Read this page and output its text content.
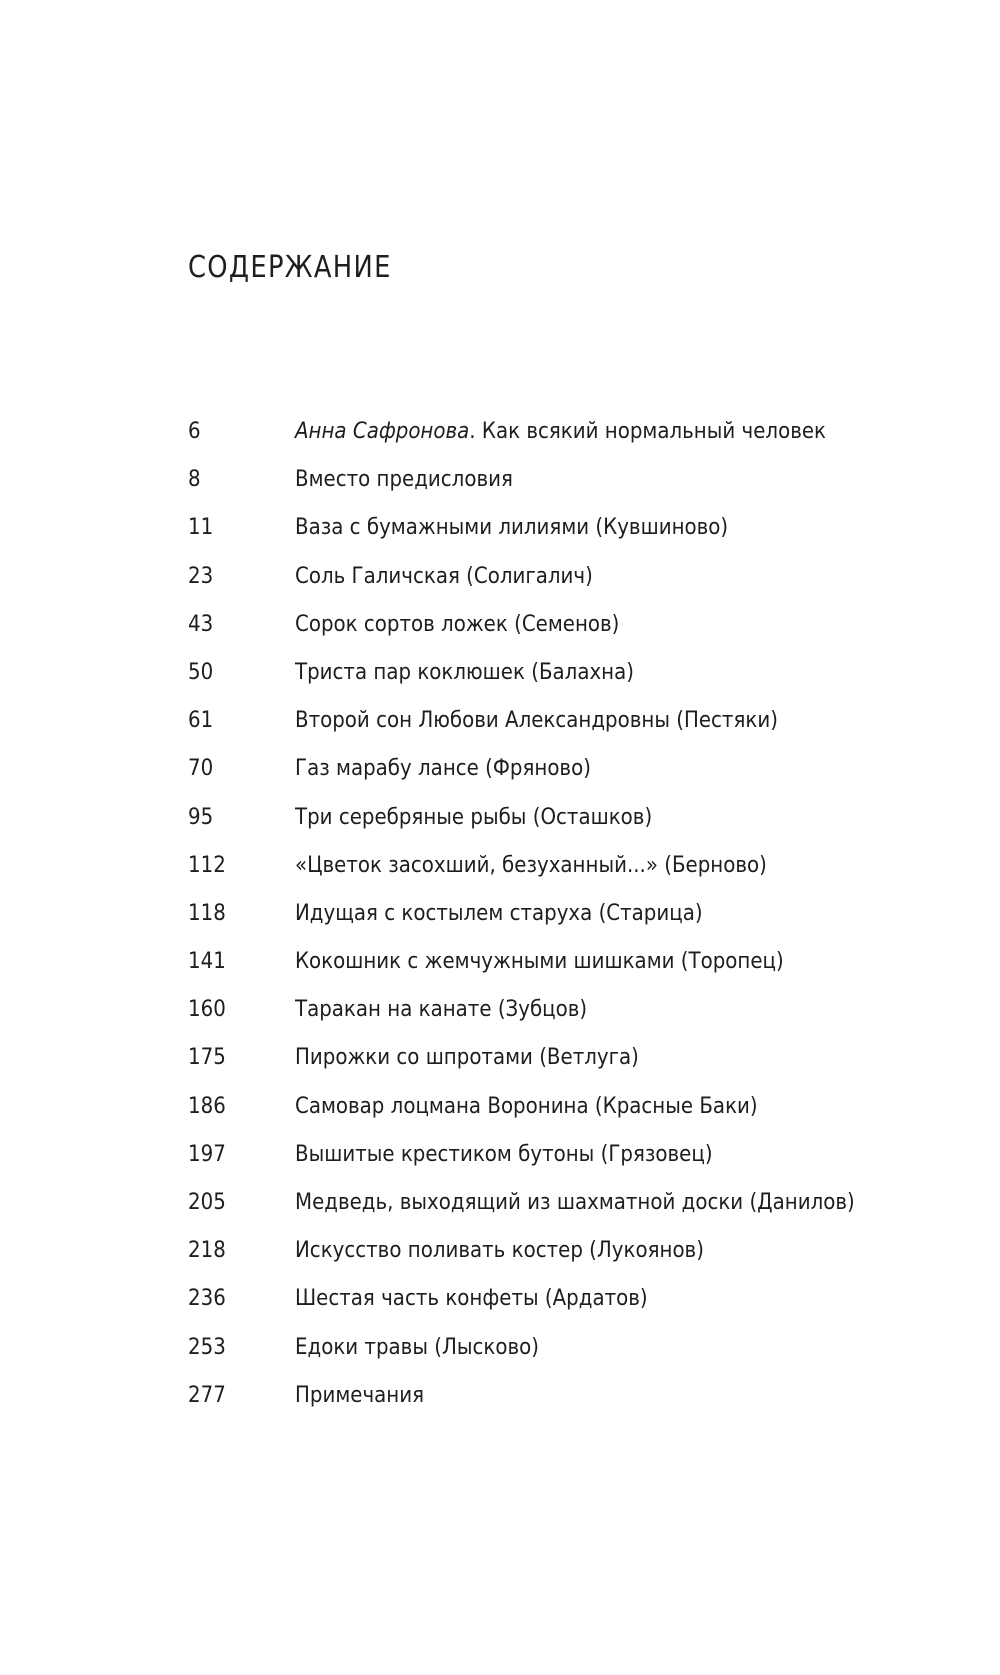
СОДЕРЖАНИЕ
6	Анна Сафронова. Как всякий нормальный человек
8	Вместо предисловия
11	Ваза с бумажными лилиями (Кувшиново)
23	Соль Галичская (Солигалич)
43	Сорок сортов ложек (Семенов)
50	Триста пар коклюшек (Балахна)
61	Второй сон Любови Александровны (Пестяки)
70	Газ марабу лансе (Фряново)
95	Три серебряные рыбы (Осташков)
112	«Цветок засохший, безуханный...» (Берново)
118	Идущая с костылем старуха (Старица)
141	Кокошник с жемчужными шишками (Торопец)
160	Таракан на канате (Зубцов)
175	Пирожки со шпротами (Ветлуга)
186	Самовар лоцмана Воронина (Красные Баки)
197	Вышитые крестиком бутоны (Грязовец)
205	Медведь, выходящий из шахматной доски (Данилов)
218	Искусство поливать костер (Лукоянов)
236	Шестая часть конфеты (Ардатов)
253	Едоки травы (Лысково)
277	Примечания
